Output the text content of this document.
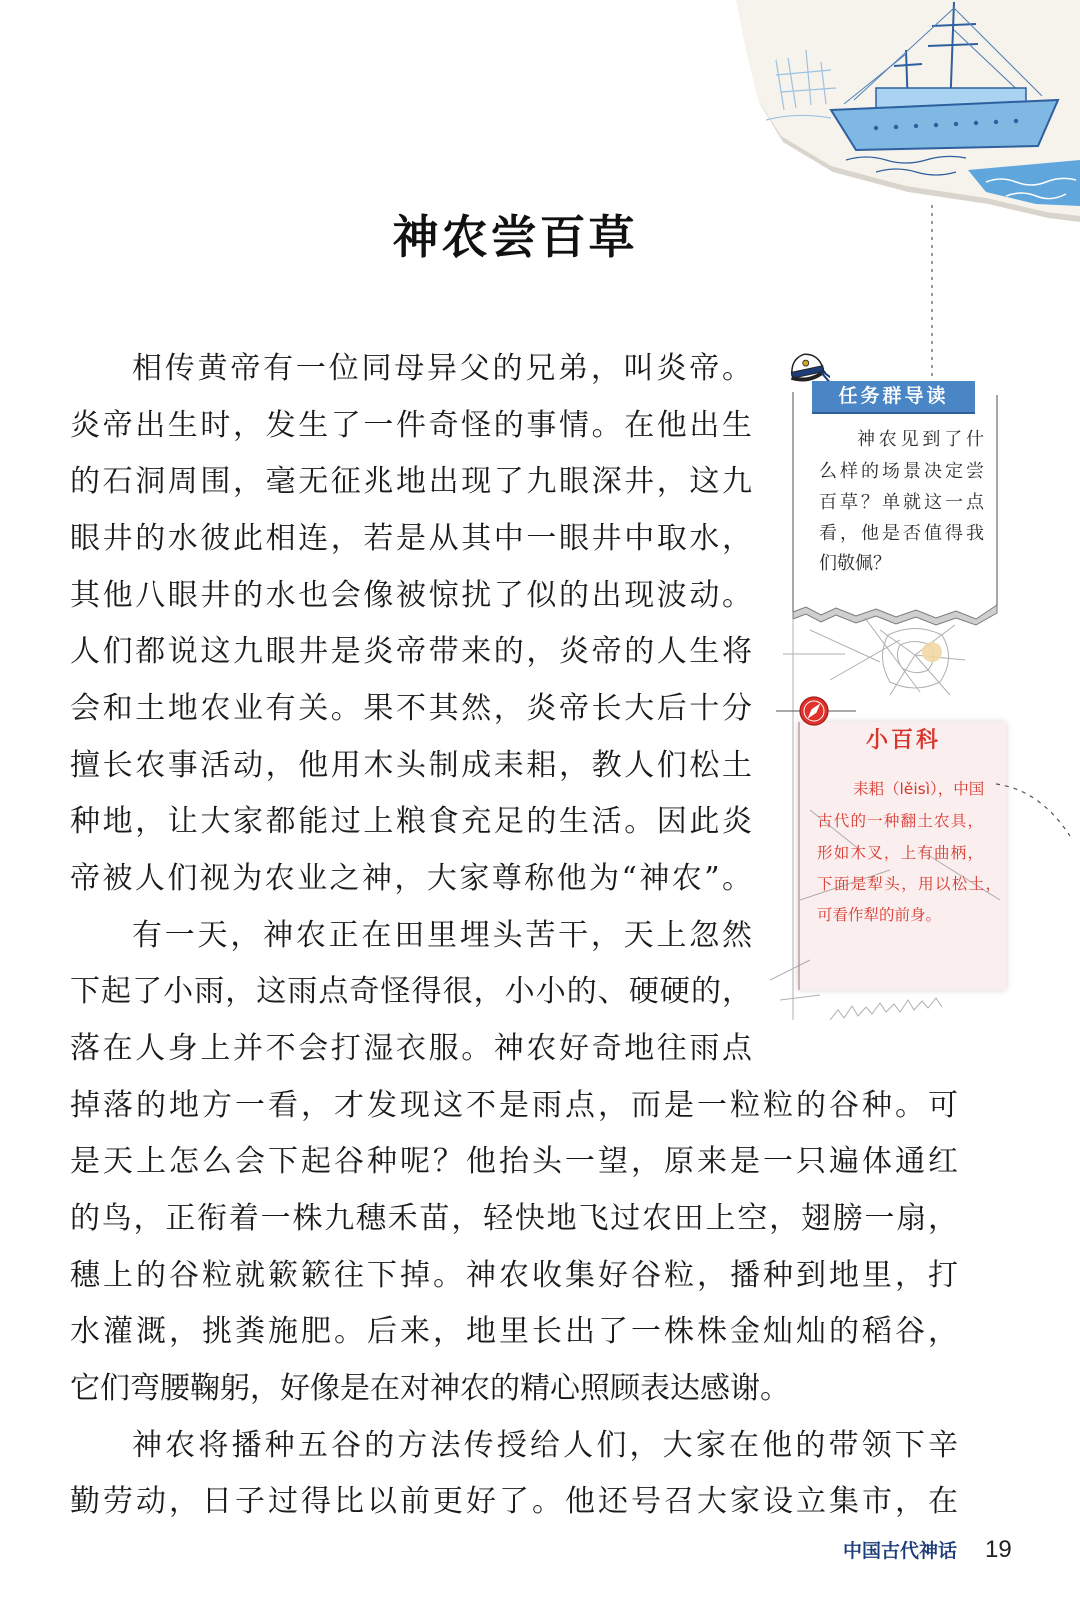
神农尝百草
相传黄帝有一位同母异父的兄弟，叫炎帝。
炎帝出生时，发生了一件奇怪的事情。在他出生
的石洞周围，毫无征兆地出现了九眼深井，这九
眼井的水彼此相连，若是从其中一眼井中取水，
其他八眼井的水也会像被惊扰了似的出现波动。
人们都说这九眼井是炎帝带来的，炎帝的人生将
会和土地农业有关。果不其然，炎帝长大后十分
擅长农事活动，他用木头制成耒耜，教人们松土
种地，让大家都能过上粮食充足的生活。因此炎
帝被人们视为农业之神，大家尊称他为“神农”。
有一天，神农正在田里埋头苦干，天上忽然
下起了小雨，这雨点奇怪得很，小小的、硬硬的，
落在人身上并不会打湿衣服。神农好奇地往雨点
掉落的地方一看，才发现这不是雨点，而是一粒粒的谷种。可
是天上怎么会下起谷种呢？他抬头一望，原来是一只遍体通红
的鸟，正衔着一株九穗禾苗，轻快地飞过农田上空，翅膀一扇，
穗上的谷粒就簌簌往下掉。神农收集好谷粒，播种到地里，打
水灌溉，挑粪施肥。后来，地里长出了一株株金灿灿的稻谷，
它们弯腰鞠躬，好像是在对神农的精心照顾表达感谢。
神农将播种五谷的方法传授给人们，大家在他的带领下辛
勤劳动，日子过得比以前更好了。他还号召大家设立集市，在
任务群导读
神农见到了什
么样的场景决定尝
百草？单就这一点
看，他是否值得我
们敬佩？
小百科
耒耜（lěisì），中国
古代的一种翻土农具，
形如木叉，上有曲柄，
下面是犁头，用以松土，
可看作犁的前身。
中国古代神话 19
